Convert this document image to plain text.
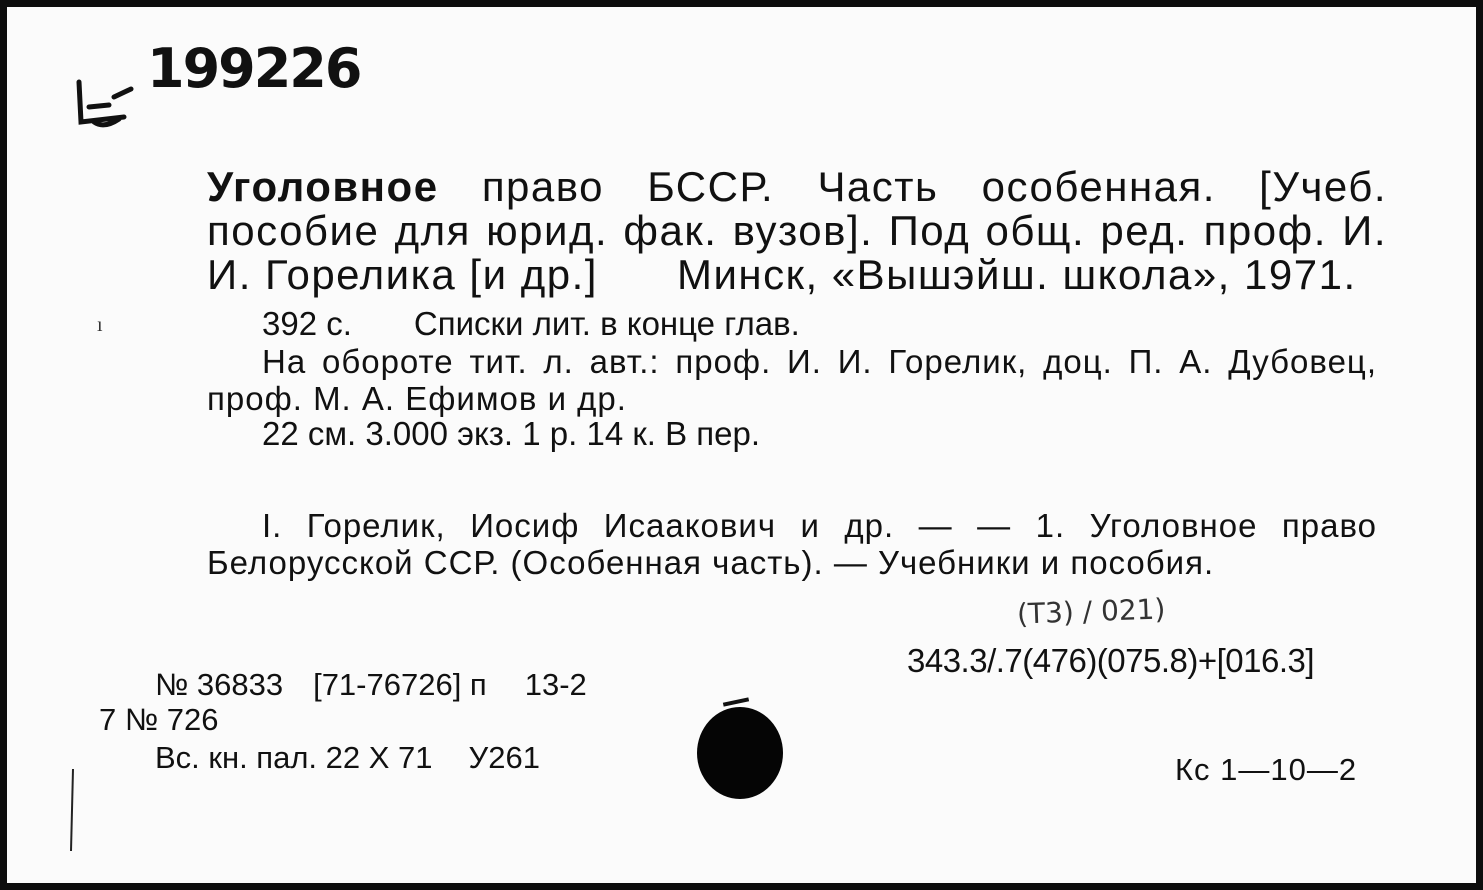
199226
Уголовное право БССР. Часть особенная. [Учеб. пособие для юрид. фак. вузов]. Под общ. ред. проф. И. И. Горелика [и др.] Минск, «Вышэйш. школа», 1971.
ı	392 с. Списки лит. в конце глав.
На обороте тит. л. авт.: проф. И. И. Горелик, доц. П. А. Дубовец, проф. М. А. Ефимов и др.
22 см. 3.000 экз. 1 р. 14 к. В пер.
I. Горелик, Иосиф Исаакович и др. — — 1. Уголовное право Белорусской ССР. (Особенная часть). — Учебники и пособия.
(Т3) / 021)
343.3/.7(476)(075.8)+[016.3]
№ 36833 [71-76726] п 13-2
7 № 726
Вс. кн. пал. 22 X 71 У261	Кс 1—10—2
